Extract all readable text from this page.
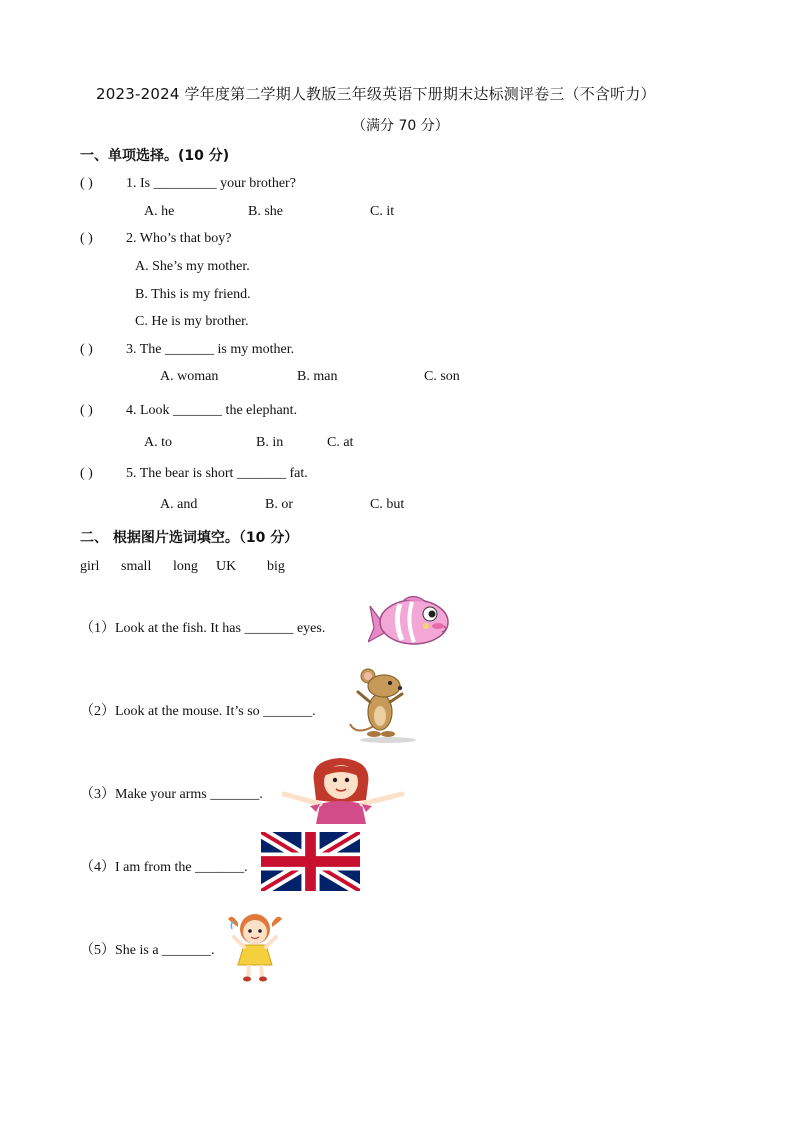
2023-2024 学年度第二学期人教版三年级英语下册期末达标测评卷三（不含听力）
（满分 70 分）
一、单项选择。(10 分)
( ) 1. Is _________ your brother?
A. he	B. she	C. it
( ) 2. Who’s that boy?
A. She’s my mother.
B. This is my friend.
C. He is my brother.
( ) 3. The _______ is my mother.
A. woman	B. man	C. son
( ) 4. Look _______ the elephant.
A. to	B. in	C. at
( ) 5. The bear is short _______ fat.
A. and	B. or	C. but
二、 根据图片选词填空。（10 分）
girl small long UK big
（1）Look at the fish. It has _______ eyes.
（2）Look at the mouse. It’s so _______.
（3）Make your arms _______.
（4）I am from the _______.
（5）She is a _______.
